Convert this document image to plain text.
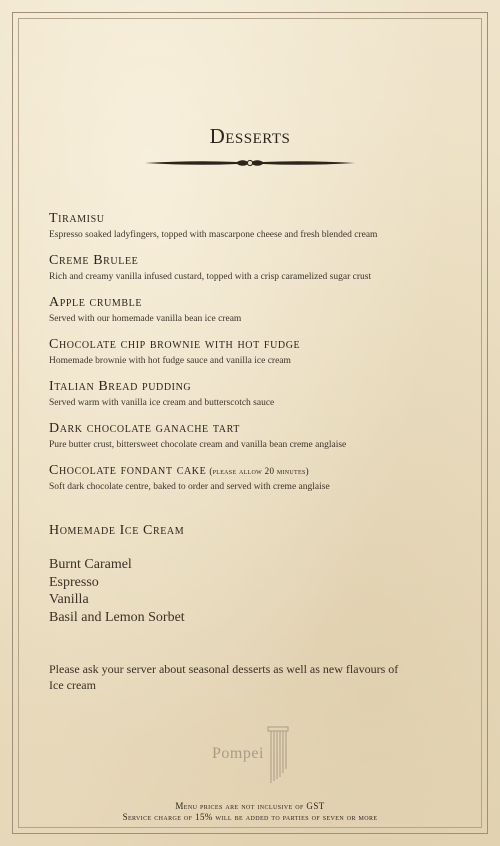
Desserts
Tiramisu
Espresso soaked ladyfingers, topped with mascarpone cheese and fresh blended cream
Creme Brulee
Rich and creamy vanilla infused custard, topped with a crisp caramelized sugar crust
Apple crumble
Served with our homemade vanilla bean ice cream
Chocolate chip brownie with hot fudge
Homemade brownie with hot fudge sauce and vanilla ice cream
Italian Bread pudding
Served warm with vanilla ice cream and butterscotch sauce
Dark chocolate ganache tart
Pure butter crust, bittersweet chocolate cream and vanilla bean creme anglaise
Chocolate fondant cake (please allow 20 minutes)
Soft dark chocolate centre, baked to order and served with creme anglaise
Homemade Ice Cream
Burnt Caramel
Espresso
Vanilla
Basil and Lemon Sorbet
Please ask your server about seasonal desserts as well as new flavours of Ice cream
Pompei
Menu prices are not inclusive of GST
Service charge of 15% will be added to parties of seven or more
